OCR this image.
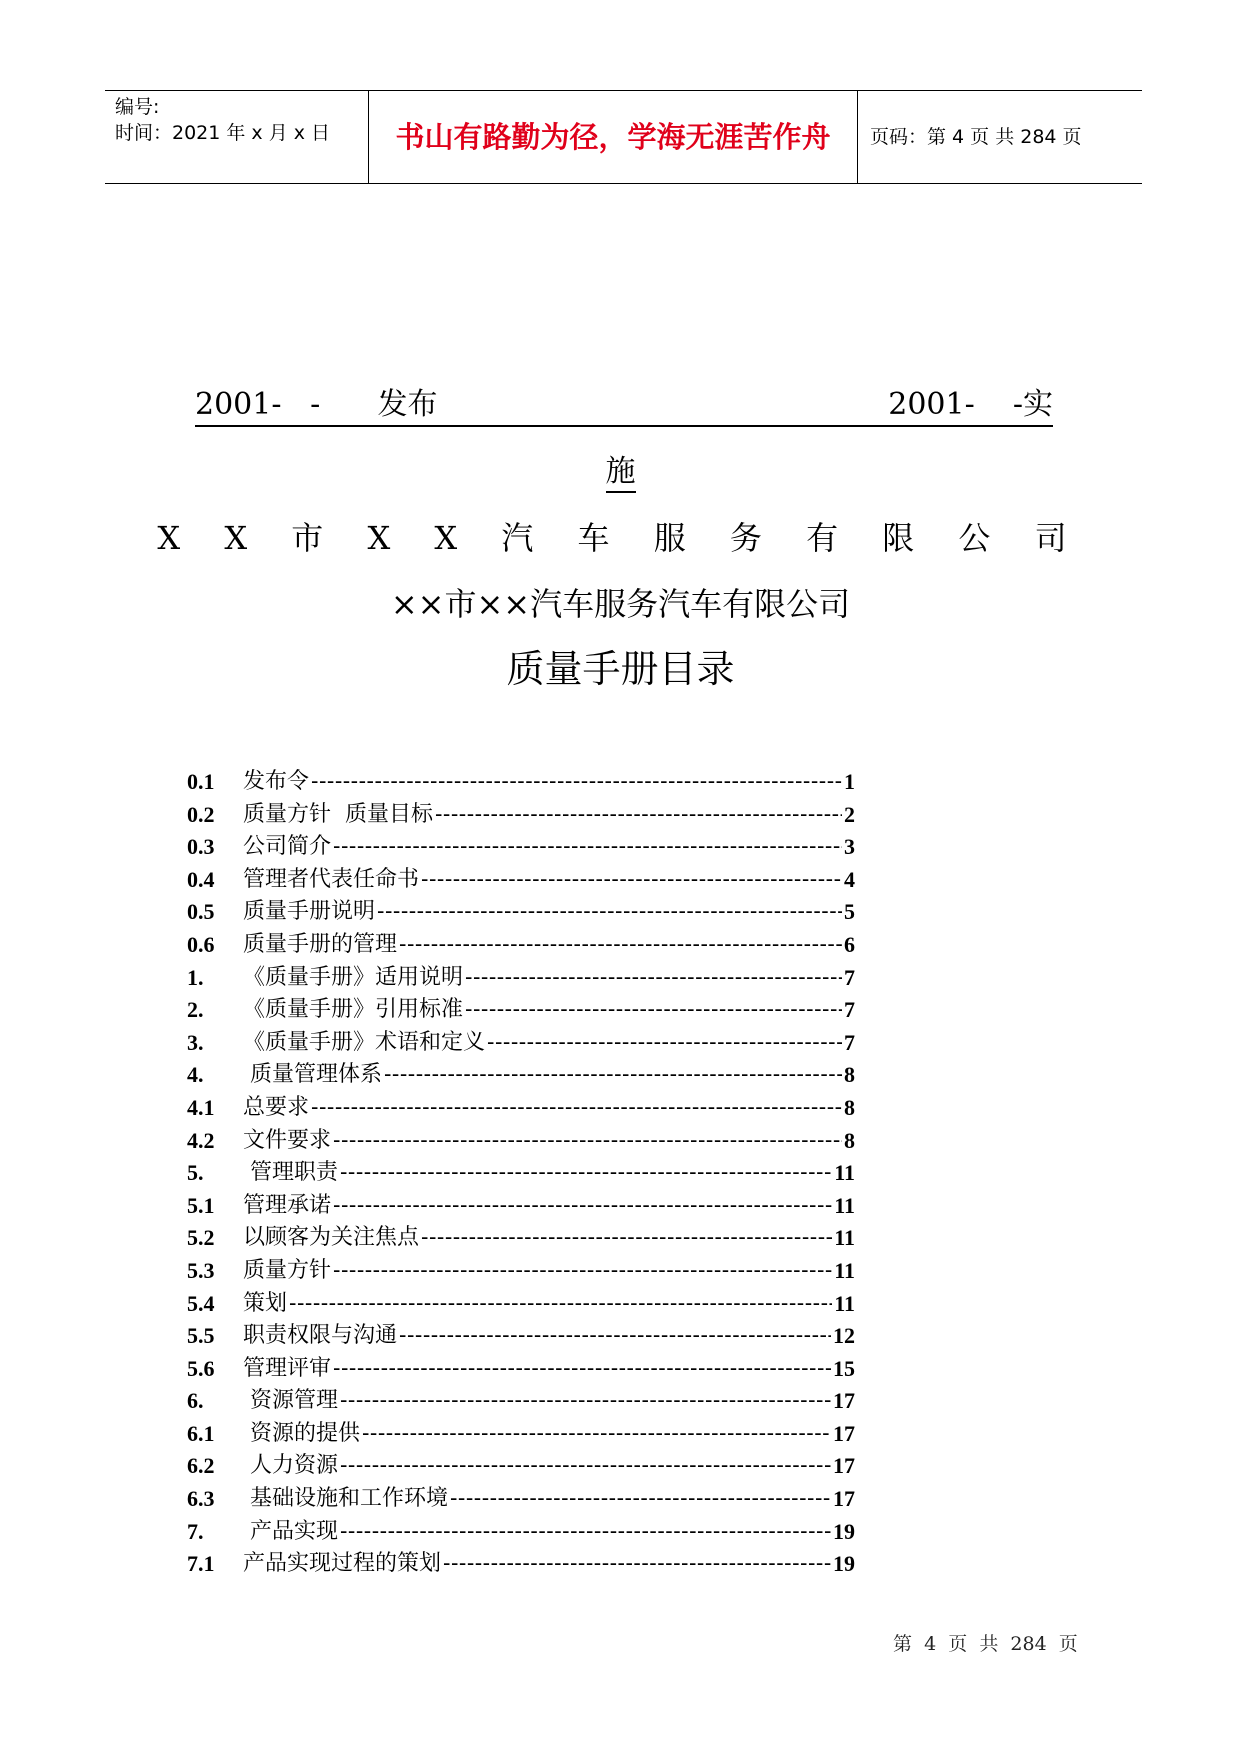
编号:
时间：2021 年 x 月 x 日	书山有路勤为径，学海无涯苦作舟	页码：第 4 页 共 284 页
2001-   -      发布	2001-    -实
施
X X 市 X X 汽 车 服 务 有 限 公 司
××市××汽车服务汽车有限公司
质量手册目录
0.1 发布令 -----	1
0.2 质量方针  质量目标 -----	2
0.3 公司简介 -----	3
0.4 管理者代表任命书 -----	4
0.5 质量手册说明 -----	5
0.6 质量手册的管理 -----	6
1. 《质量手册》适用说明 -----	7
2. 《质量手册》引用标准 -----	7
3. 《质量手册》术语和定义 -----	7
4. 质量管理体系 -----	8
4.1 总要求 -----	8
4.2 文件要求 -----	8
5. 管理职责 -----	11
5.1 管理承诺 -----	11
5.2 以顾客为关注焦点 -----	11
5.3 质量方针 -----	11
5.4 策划 -----	11
5.5 职责权限与沟通 -----	12
5.6 管理评审 -----	15
6. 资源管理 -----	17
6.1 资源的提供 -----	17
6.2 人力资源 -----	17
6.3 基础设施和工作环境 -----	17
7. 产品实现 -----	19
7.1 产品实现过程的策划 -----	19
第  4  页  共  284  页
